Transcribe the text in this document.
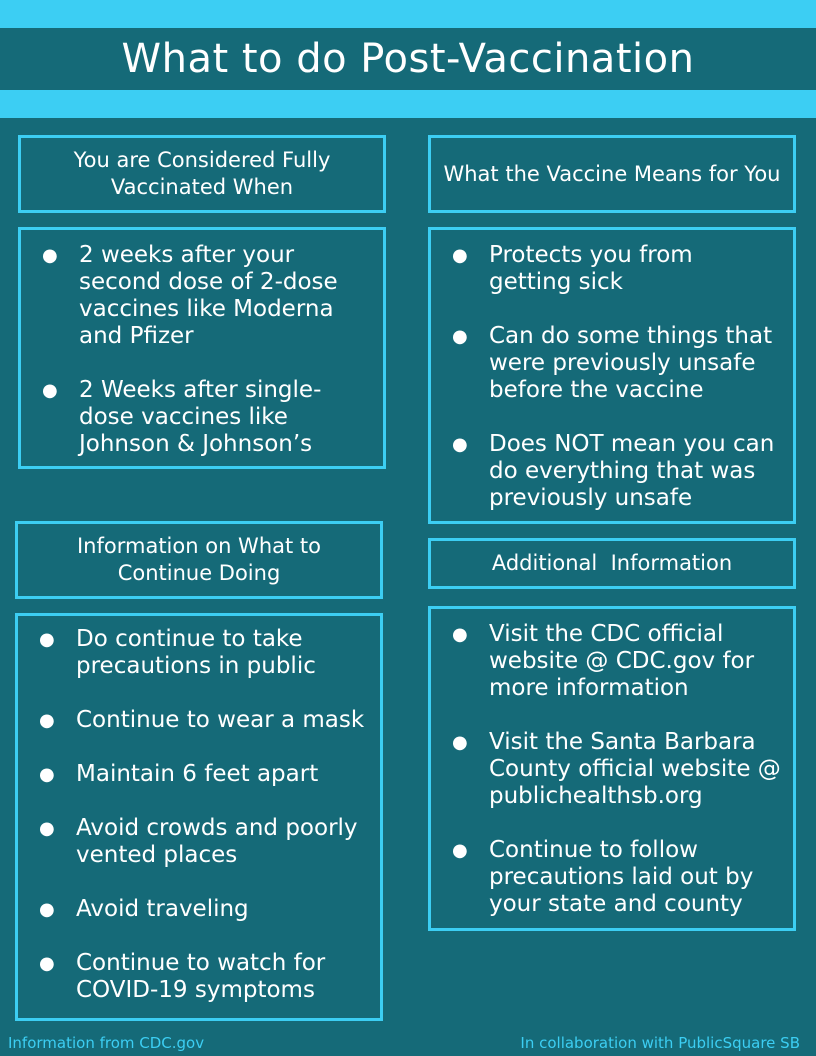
What to do Post-Vaccination
You are Considered Fully Vaccinated When
● 2 weeks after your second dose of 2-dose vaccines like Moderna and Pfizer
● 2 Weeks after single-dose vaccines like Johnson & Johnson’s
What the Vaccine Means for You
● Protects you from getting sick
● Can do some things that were previously unsafe before the vaccine
● Does NOT mean you can do everything that was previously unsafe
Information on What to Continue Doing
● Do continue to take precautions in public
● Continue to wear a mask
● Maintain 6 feet apart
● Avoid crowds and poorly vented places
● Avoid traveling
● Continue to watch for COVID-19 symptoms
Additional  Information
● Visit the CDC official website @ CDC.gov for more information
● Visit the Santa Barbara County official website @ publichealthsb.org
● Continue to follow precautions laid out by your state and county
Information from CDC.gov	In collaboration with PublicSquare SB
